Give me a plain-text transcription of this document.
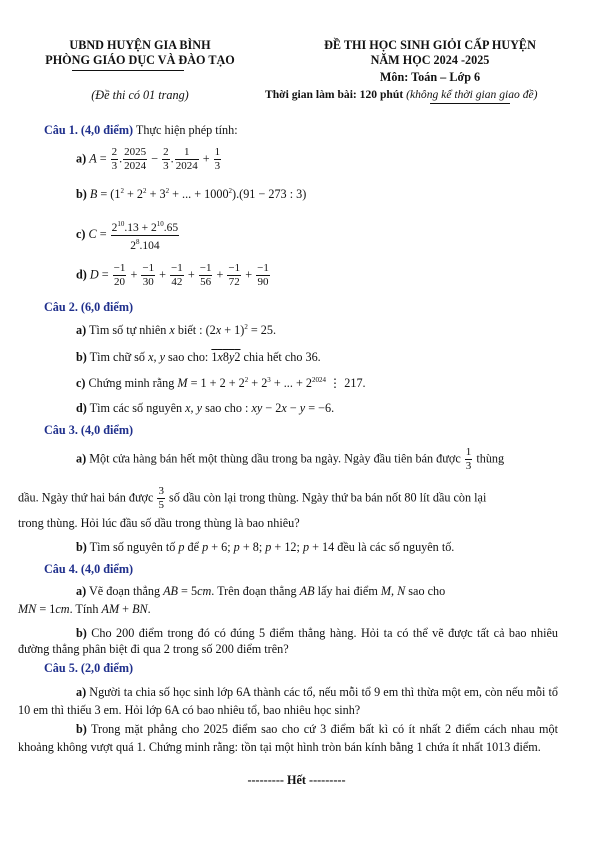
UBND HUYỆN GIA BÌNH
PHÒNG GIÁO DỤC VÀ ĐÀO TẠO
(Đề thi có 01 trang)
ĐỀ THI HỌC SINH GIỎI CẤP HUYỆN
NĂM HỌC 2024 -2025
Môn: Toán – Lớp 6
Thời gian làm bài: 120 phút (không kể thời gian giao đề)
Câu 1. (4,0 điểm) Thực hiện phép tính:
a) $A = \frac{2}{3}$ . $\frac{2025}{2024} - \frac{2}{3}$ . $\frac{1}{2024} + \frac{1}{3}$
b) $B = (1^2 + 2^2 + 3^2$ + ... + $1000^2).(91 - 273$ : 3)
c) $C = \frac{2^{10}.13 + 2^{10}.65}{2^8.104}$
d) $D = \frac{-1}{20} + \frac{-1}{30} + \frac{-1}{42} + \frac{-1}{56} + \frac{-1}{72} + \frac{-1}{90}$
Câu 2. (6,0 điểm)
a) Tìm số tự nhiên x biết : $(2x + 1)^2 = 25$.
b) Tìm chữ số x, y sao cho: 1x8y2 chia hết cho 36.
c) Chứng minh rằng $M = 1 + 2 + 2^2 + 2^3$ + ... + $2^{2024}$ ⋮ 217.
d) Tìm các số nguyên x, y sao cho : xy − 2x − y = −6.
Câu 3. (4,0 điểm)
a) Một cửa hàng bán hết một thùng dầu trong ba ngày. Ngày đầu tiên bán được $\frac{1}{3}$ thùng
dầu. Ngày thứ hai bán được $\frac{3}{5}$ số dầu còn lại trong thùng. Ngày thứ ba bán nốt 80 lít dầu còn lại
trong thùng. Hỏi lúc đầu số dầu trong thùng là bao nhiêu?
b) Tìm số nguyên tố p để p + 6; p + 8; p + 12; p + 14 đều là các số nguyên tố.
Câu 4. (4,0 điểm)
a) Vẽ đoạn thẳng AB = 5cm. Trên đoạn thẳng AB lấy hai điểm M, N sao cho
MN = 1cm. Tính AM + BN.
b) Cho 200 điểm trong đó có đúng 5 điểm thẳng hàng. Hỏi ta có thể vẽ được tất cả bao nhiêu đường thẳng phân biệt đi qua 2 trong số 200 điểm trên?
Câu 5. (2,0 điểm)
a) Người ta chia số học sinh lớp 6A thành các tổ, nếu mỗi tổ 9 em thì thừa một em, còn nếu mỗi tổ 10 em thì thiếu 3 em. Hỏi lớp 6A có bao nhiêu tổ, bao nhiêu học sinh?
b) Trong mặt phẳng cho 2025 điểm sao cho cứ 3 điểm bất kì có ít nhất 2 điểm cách nhau một khoảng không vượt quá 1. Chứng minh rằng: tồn tại một hình tròn bán kính bằng 1 chứa ít nhất 1013 điểm.
--------- Hết ---------
